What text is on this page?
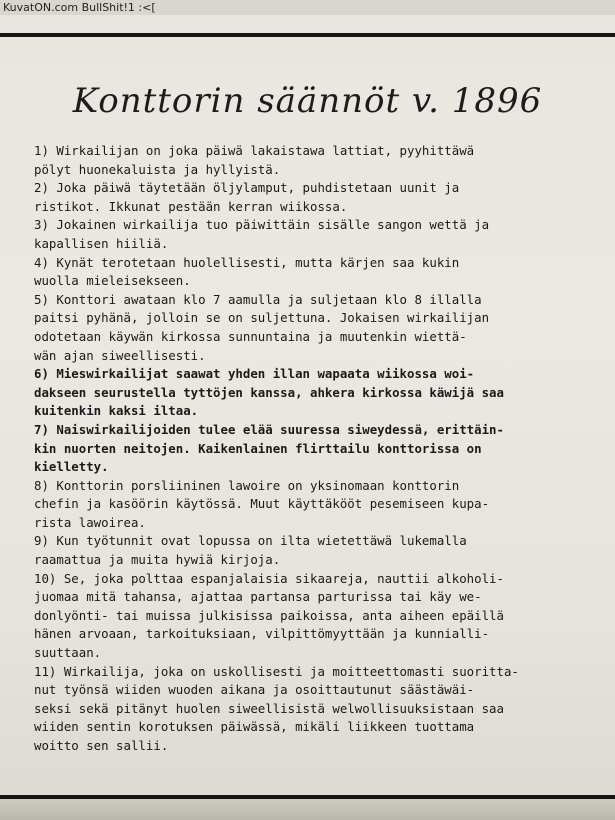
KuvatON.com BullShit!1 :<[
Konttorin säännöt v. 1896
1) Wirkailijan on joka päiwä lakaistawa lattiat, pyyhittäwä
pölyt huonekaluista ja hyllyistä.
2) Joka päiwä täytetään öljylamput, puhdistetaan uunit ja
ristikot. Ikkunat pestään kerran wiikossa.
3) Jokainen wirkailija tuo päiwittäin sisälle sangon wettä ja
kapallisen hiiliä.
4) Kynät terotetaan huolellisesti, mutta kärjen saa kukin
wuolla mieleisekseen.
5) Konttori awataan klo 7 aamulla ja suljetaan klo 8 illalla
paitsi pyhänä, jolloin se on suljettuna. Jokaisen wirkailijan
odotetaan käywän kirkossa sunnuntaina ja muutenkin wiettä-
wän ajan siweellisesti.
6) Mieswirkailijat saawat yhden illan wapaata wiikossa woi-
dakseen seurustella tyttöjen kanssa, ahkera kirkossa käwijä saa
kuitenkin kaksi iltaa.
7) Naiswirkailijoiden tulee elää suuressa siweydessä, erittäin-
kin nuorten neitojen. Kaikenlainen flirttailu konttorissa on
kielletty.
8) Konttorin porsliininen lawoire on yksinomaan konttorin
chefin ja kasöörin käytössä. Muut käyttäkööt pesemiseen kupa-
rista lawoirea.
9) Kun työtunnit ovat lopussa on ilta wietettäwä lukemalla
raamattua ja muita hywiä kirjoja.
10) Se, joka polttaa espanjalaisia sikaareja, nauttii alkoholi-
juomaa mitä tahansa, ajattaa partansa parturissa tai käy we-
donlyönti- tai muissa julkisissa paikoissa, anta aiheen epäillä
hänen arvoaan, tarkoituksiaan, vilpittömyyttään ja kunnialli-
suuttaan.
11) Wirkailija, joka on uskollisesti ja moitteettomasti suoritta-
nut työnsä wiiden wuoden aikana ja osoittautunut säästäwäi-
seksi sekä pitänyt huolen siweellisistä welwollisuuksistaan saa
wiiden sentin korotuksen päiwässä, mikäli liikkeen tuottama
woitto sen sallii.
